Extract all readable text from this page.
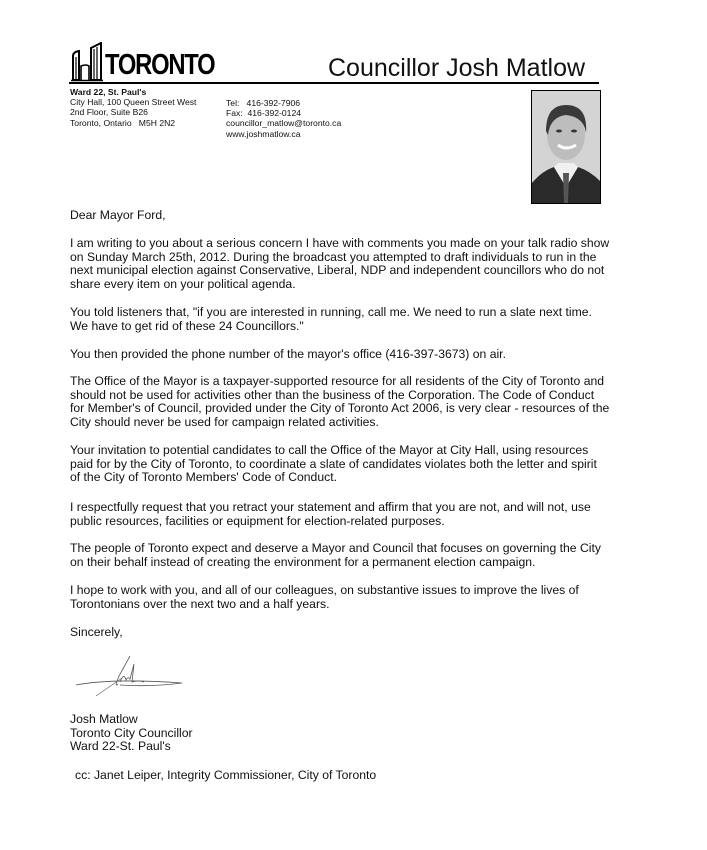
TORONTO	Councillor Josh Matlow
Ward 22, St. Paul's
City Hall, 100 Queen Street West
2nd Floor, Suite B26
Toronto, Ontario   M5H 2N2
Tel:   416-392-7906
Fax:  416-392-0124
councillor_matlow@toronto.ca
www.joshmatlow.ca
Dear Mayor Ford,
I am writing to you about a serious concern I have with comments you made on your talk radio show on Sunday March 25th, 2012. During the broadcast you attempted to draft individuals to run in the next municipal election against Conservative, Liberal, NDP and independent councillors who do not share every item on your political agenda.
You told listeners that, "if you are interested in running, call me. We need to run a slate next time. We have to get rid of these 24 Councillors."
You then provided the phone number of the mayor's office (416-397-3673) on air.
The Office of the Mayor is a taxpayer-supported resource for all residents of the City of Toronto and should not be used for activities other than the business of the Corporation. The Code of Conduct for Member's of Council, provided under the City of Toronto Act 2006, is very clear - resources of the City should never be used for campaign related activities.
Your invitation to potential candidates to call the Office of the Mayor at City Hall, using resources paid for by the City of Toronto, to coordinate a slate of candidates violates both the letter and spirit of the City of Toronto Members' Code of Conduct.
I respectfully request that you retract your statement and affirm that you are not, and will not, use public resources, facilities or equipment for election-related purposes.
The people of Toronto expect and deserve a Mayor and Council that focuses on governing the City on their behalf instead of creating the environment for a permanent election campaign.
I hope to work with you, and all of our colleagues, on substantive issues to improve the lives of Torontonians over the next two and a half years.
Sincerely,
Josh Matlow
Toronto City Councillor
Ward 22-St. Paul's
cc: Janet Leiper, Integrity Commissioner, City of Toronto
